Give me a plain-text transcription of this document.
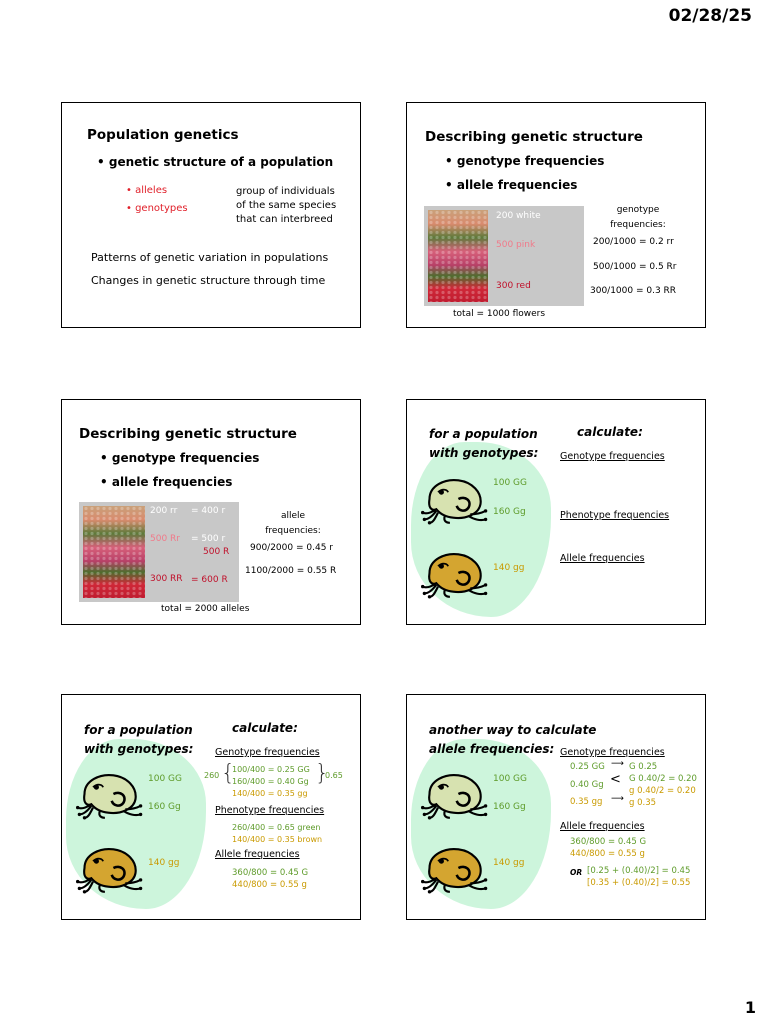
02/28/25
Population genetics
• genetic structure of a population
• alleles
• genotypes
group of individuals
of the same species
that can interbreed
Patterns of genetic variation in populations
Changes in genetic structure through time
Describing genetic structure
• genotype frequencies
• allele frequencies
200 white
500 pink
300 red
genotype
frequencies:
200/1000 = 0.2 rr
500/1000 = 0.5 Rr
300/1000 = 0.3 RR
total = 1000 flowers
Describing genetic structure
• genotype frequencies
• allele frequencies
200 rr = 400 r
500 Rr = 500 r
500 R
300 RR = 600 R
allele
frequencies:
900/2000 = 0.45 r
1100/2000 = 0.55 R
total = 2000 alleles
for a population
with genotypes:
calculate:
100 GG
160 Gg
140 gg
Genotype frequencies
Phenotype frequencies
Allele frequencies
for a population
with genotypes:
calculate:
100 GG
160 Gg
140 gg
Genotype frequencies
260 {
100/400 = 0.25 GG
160/400 = 0.40 Gg }
0.65
140/400 = 0.35 gg
Phenotype frequencies
260/400 = 0.65 green
140/400 = 0.35 brown
Allele frequencies
360/800 = 0.45 G
440/800 = 0.55 g
another way to calculate
allele frequencies:
100 GG
160 Gg
140 gg
Genotype frequencies
0.25 GG ⟶ G 0.25
0.40 Gg < G 0.40/2 = 0.20
g 0.40/2 = 0.20
0.35 gg ⟶ g 0.35
Allele frequencies
360/800 = 0.45 G
440/800 = 0.55 g
OR [0.25 + (0.40)/2] = 0.45
[0.35 + (0.40)/2] = 0.55
1
